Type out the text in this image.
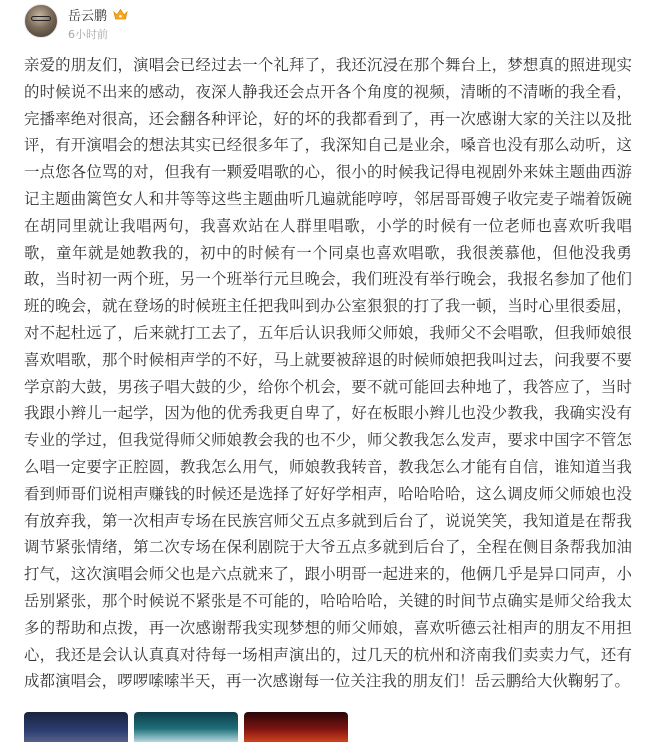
岳云鹏
6小时前
亲爱的朋友们，演唱会已经过去一个礼拜了，我还沉浸在那个舞台上，梦想真的照进现实的时候说不出来的感动，夜深人静我还会点开各个角度的视频，清晰的不清晰的我全看，完播率绝对很高，还会翻各种评论，好的坏的我都看到了，再一次感谢大家的关注以及批评，有开演唱会的想法其实已经很多年了，我深知自己是业余，嗓音也没有那么动听，这一点您各位骂的对，但我有一颗爱唱歌的心，很小的时候我记得电视剧外来妹主题曲西游记主题曲篱笆女人和井等等这些主题曲听几遍就能哼哼，邻居哥哥嫂子收完麦子端着饭碗在胡同里就让我唱两句，我喜欢站在人群里唱歌，小学的时候有一位老师也喜欢听我唱歌，童年就是她教我的，初中的时候有一个同桌也喜欢唱歌，我很羡慕他，但他没我勇敢，当时初一两个班，另一个班举行元旦晚会，我们班没有举行晚会，我报名参加了他们班的晚会，就在登场的时候班主任把我叫到办公室狠狠的打了我一顿，当时心里很委屈，对不起杜远了，后来就打工去了，五年后认识我师父师娘，我师父不会唱歌，但我师娘很喜欢唱歌，那个时候相声学的不好，马上就要被辞退的时候师娘把我叫过去，问我要不要学京韵大鼓，男孩子唱大鼓的少，给你个机会，要不就可能回去种地了，我答应了，当时我跟小辫儿一起学，因为他的优秀我更自卑了，好在板眼小辫儿也没少教我，我确实没有专业的学过，但我觉得师父师娘教会我的也不少，师父教我怎么发声，要求中国字不管怎么唱一定要字正腔圆，教我怎么用气，师娘教我转音，教我怎么才能有自信，谁知道当我看到师哥们说相声赚钱的时候还是选择了好好学相声，哈哈哈哈，这么调皮师父师娘也没有放弃我，第一次相声专场在民族宫师父五点多就到后台了，说说笑笑，我知道是在帮我调节紧张情绪，第二次专场在保利剧院于大爷五点多就到后台了，全程在侧目条帮我加油打气，这次演唱会师父也是六点就来了，跟小明哥一起进来的，他俩几乎是异口同声，小岳别紧张，那个时候说不紧张是不可能的，哈哈哈哈，关键的时间节点确实是师父给我太多的帮助和点拨，再一次感谢帮我实现梦想的师父师娘，喜欢听德云社相声的朋友不用担心，我还是会认认真真对待每一场相声演出的，过几天的杭州和济南我们卖卖力气，还有成都演唱会，啰啰嗦嗦半天，再一次感谢每一位关注我的朋友们！岳云鹏给大伙鞠躬了。
